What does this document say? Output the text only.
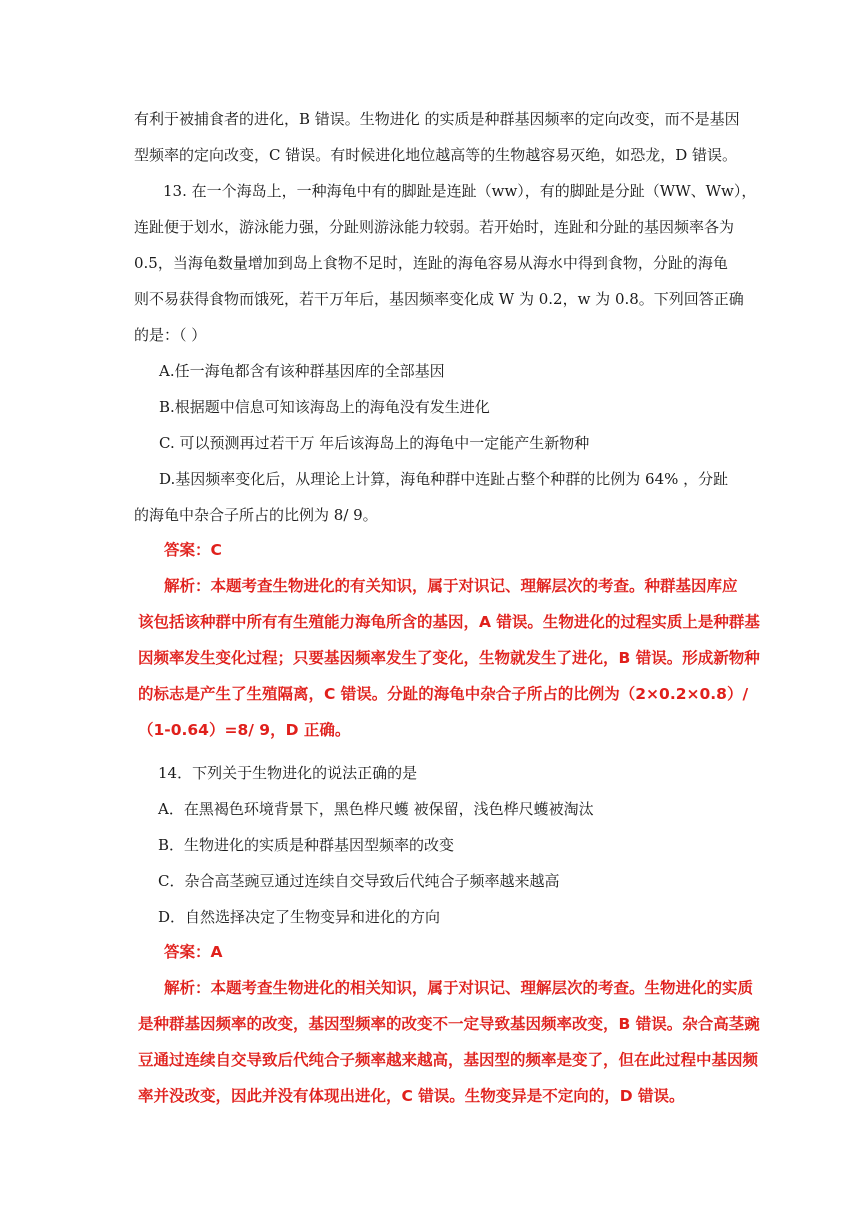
有利于被捕食者的进化，B 错误。生物进化 的实质是种群基因频率的定向改变，而不是基因
型频率的定向改变，C 错误。有时候进化地位越高等的生物越容易灭绝，如恐龙，D 错误。
13. 在一个海岛上，一种海龟中有的脚趾是连趾（ww），有的脚趾是分趾（WW、Ww），
连趾便于划水，游泳能力强，分趾则游泳能力较弱。若开始时，连趾和分趾的基因频率各为
0.5，当海龟数量增加到岛上食物不足时，连趾的海龟容易从海水中得到食物，分趾的海龟
则不易获得食物而饿死，若干万年后，基因频率变化成 W 为 0.2，w 为 0.8。下列回答正确
的是：（ ）
A.任一海龟都含有该种群基因库的全部基因
B.根据题中信息可知该海岛上的海龟没有发生进化
C. 可以预测再过若干万 年后该海岛上的海龟中一定能产生新物种
D.基因频率变化后，从理论上计算，海龟种群中连趾占整个种群的比例为 64% ，分趾
的海龟中杂合子所占的比例为 8/ 9。
答案：C
解析：本题考查生物进化的有关知识，属于对识记、理解层次的考查。种群基因库应
该包括该种群中所有有生殖能力海龟所含的基因，A 错误。生物进化的过程实质上是种群基
因频率发生变化过程；只要基因频率发生了变化，生物就发生了进化，B 错误。形成新物种
的标志是产生了生殖隔离，C 错误。分趾的海龟中杂合子所占的比例为（2×0.2×0.8）/
（1-0.64）=8/ 9，D 正确。
14．下列关于生物进化的说法正确的是
A．在黑褐色环境背景下，黑色桦尺蠖 被保留，浅色桦尺蠖被淘汰
B．生物进化的实质是种群基因型频率的改变
C．杂合高茎豌豆通过连续自交导致后代纯合子频率越来越高
D．自然选择决定了生物变异和进化的方向
答案：A
解析：本题考查生物进化的相关知识，属于对识记、理解层次的考查。生物进化的实质
是种群基因频率的改变，基因型频率的改变不一定导致基因频率改变，B 错误。杂合高茎豌
豆通过连续自交导致后代纯合子频率越来越高，基因型的频率是变了，但在此过程中基因频
率并没改变，因此并没有体现出进化，C 错误。生物变异是不定向的，D 错误。
